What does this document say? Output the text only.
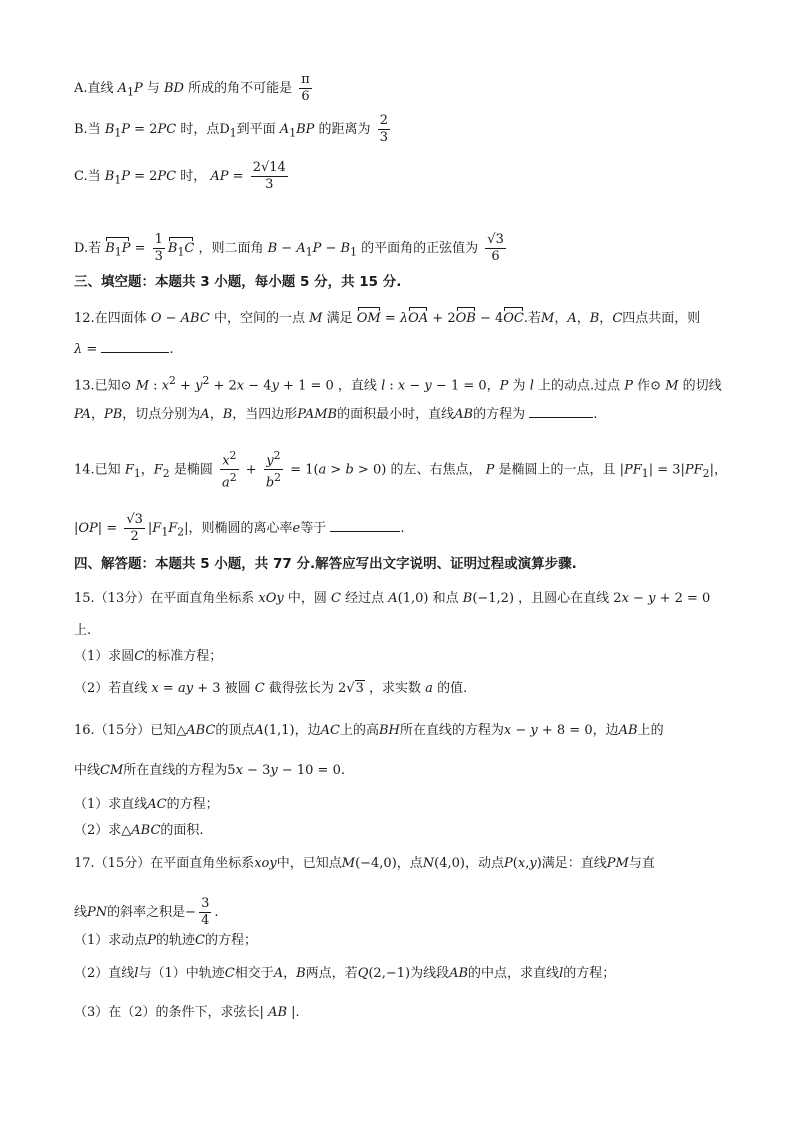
A.直线 $A_1P$ 与 BD 所成的角不可能是 $\frac{\pi}{6}$
B.当 $B_1P = 2PC$ 时，点$D_1$到平面 $A_1BP$ 的距离为 $\frac{2}{3}$
C.当 $B_1P = 2PC$ 时， AP = $\frac{2√14}{3}$
D.若 $B_1P = \frac{1}{3} B_1C$ ，则二面角 $B - A_1P - B_1$ 的平面角的正弦值为 $\frac{√3}{6}$
三、填空题：本题共 3 小题，每小题 5 分，共 15 分.
12.在四面体 O − ABC 中，空间的一点 M 满足 OM = λOA + 2OB − 4OC.若M，A，B，C四点共面，则
λ =	.
13.已知⊙ M : $x^2 + y^2 + 2x - 4y + 1 = 0$ ，直线 l : x − y − 1 = 0，P 为 l 上的动点.过点 P 作⊙ M 的切线
PA，PB，切点分别为A，B，当四边形PAMB的面积最小时，直线AB的方程为	.
14.已知 $F_1$，$F_2$ 是椭圆 $\frac{x^2}{a^2} + \frac{y^2}{b^2} = 1(a > b > 0)$ 的左、右焦点， P 是椭圆上的一点，且 $|PF_1| = 3|PF_2|$，
$|OP| = \frac{√3}{2} |F_1F_2|$，则椭圆的离心率e等于	.
四、解答题：本题共 5 小题，共 77 分.解答应写出文字说明、证明过程或演算步骤.
15.（13分）在平面直角坐标系 xOy 中，圆 C 经过点 A(1,0) 和点 B(−1,2) ，且圆心在直线 2x − y + 2 = 0
上.
（1）求圆C的标准方程；
（2）若直线 x = ay + 3 被圆 C 截得弦长为 2√3 ，求实数 a 的值.
16.（15分）已知△ABC的顶点A(1,1)，边AC上的高BH所在直线的方程为x − y + 8 = 0，边AB上的
中线CM所在直线的方程为5x − 3y − 10 = 0.
（1）求直线AC的方程；
（2）求△ABC的面积.
17.（15分）在平面直角坐标系xoy中，已知点M(−4,0)，点N(4,0)，动点P(x,y)满足：直线PM与直
线PN的斜率之积是− $\frac{3}{4}$ .
（1）求动点P的轨迹C的方程；
（2）直线l与（1）中轨迹C相交于A，B两点，若Q(2,−1)为线段AB的中点，求直线l的方程；
（3）在（2）的条件下，求弦长| AB |.
